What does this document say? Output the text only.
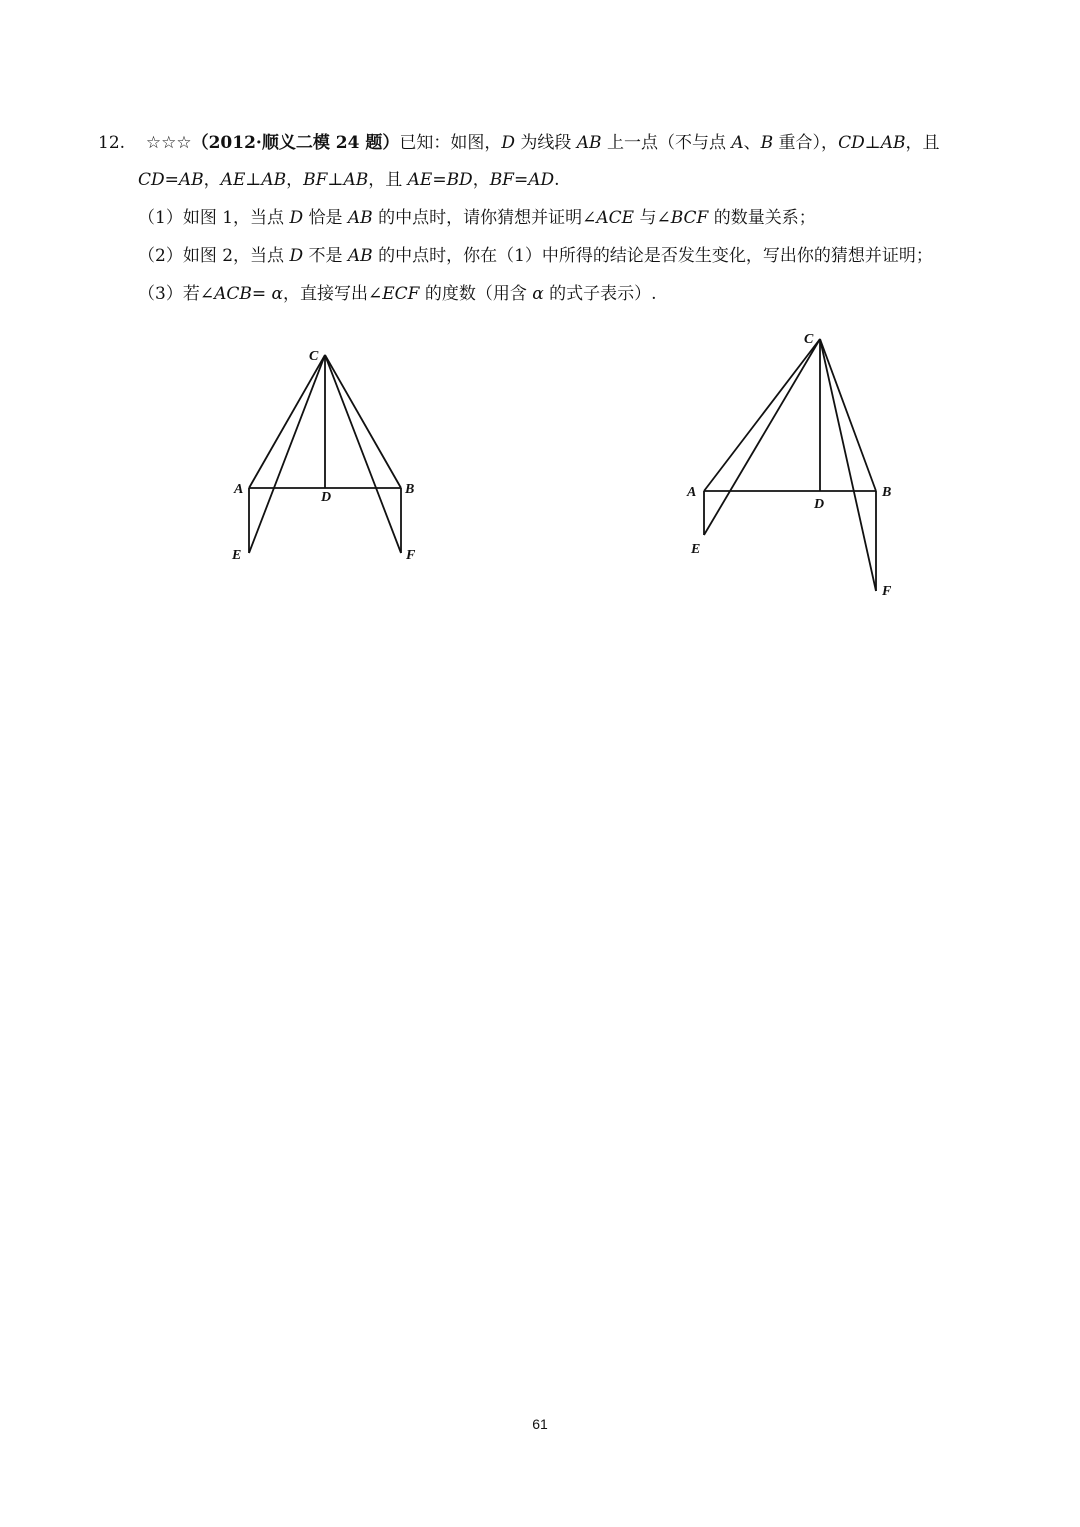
12. ☆☆☆（2012·顺义二模 24 题）已知：如图，D 为线段 AB 上一点（不与点 A、B 重合），CD⊥AB，且
CD=AB，AE⊥AB，BF⊥AB，且 AE=BD，BF=AD.
（1）如图 1，当点 D 恰是 AB 的中点时，请你猜想并证明∠ACE 与∠BCF 的数量关系；
（2）如图 2，当点 D 不是 AB 的中点时，你在（1）中所得的结论是否发生变化，写出你的猜想并证明；
（3）若∠ACB= α，直接写出∠ECF 的度数（用含 α 的式子表示）.
C
A	B
D
E	F
C
A	B
D
E
F
61
